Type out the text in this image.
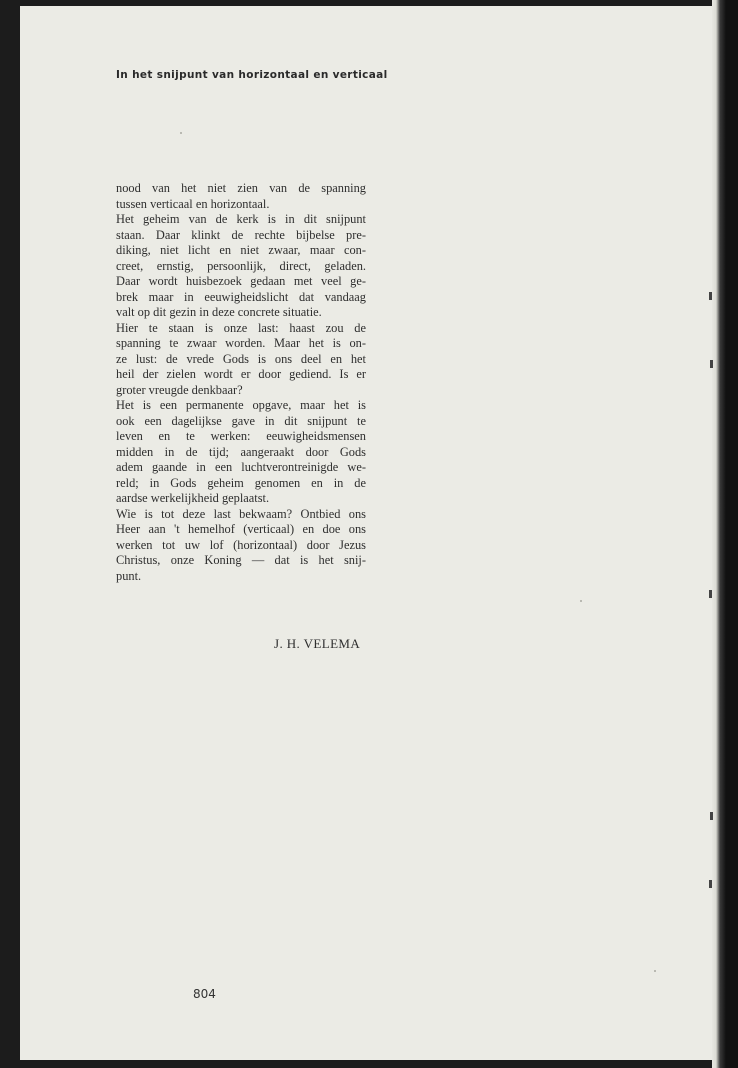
In het snijpunt van horizontaal en verticaal
nood van het niet zien van de spanning
tussen verticaal en horizontaal.
Het geheim van de kerk is in dit snijpunt
staan. Daar klinkt de rechte bijbelse pre-
diking, niet licht en niet zwaar, maar con-
creet, ernstig, persoonlijk, direct, geladen.
Daar wordt huisbezoek gedaan met veel ge-
brek maar in eeuwigheidslicht dat vandaag
valt op dit gezin in deze concrete situatie.
Hier te staan is onze last: haast zou de
spanning te zwaar worden. Maar het is on-
ze lust: de vrede Gods is ons deel en het
heil der zielen wordt er door gediend. Is er
groter vreugde denkbaar?
Het is een permanente opgave, maar het is
ook een dagelijkse gave in dit snijpunt te
leven en te werken: eeuwigheidsmensen
midden in de tijd; aangeraakt door Gods
adem gaande in een luchtverontreinigde we-
reld; in Gods geheim genomen en in de
aardse werkelijkheid geplaatst.
Wie is tot deze last bekwaam? Ontbied ons
Heer aan 't hemelhof (verticaal) en doe ons
werken tot uw lof (horizontaal) door Jezus
Christus, onze Koning — dat is het snij-
punt.
J. H. VELEMA
804
